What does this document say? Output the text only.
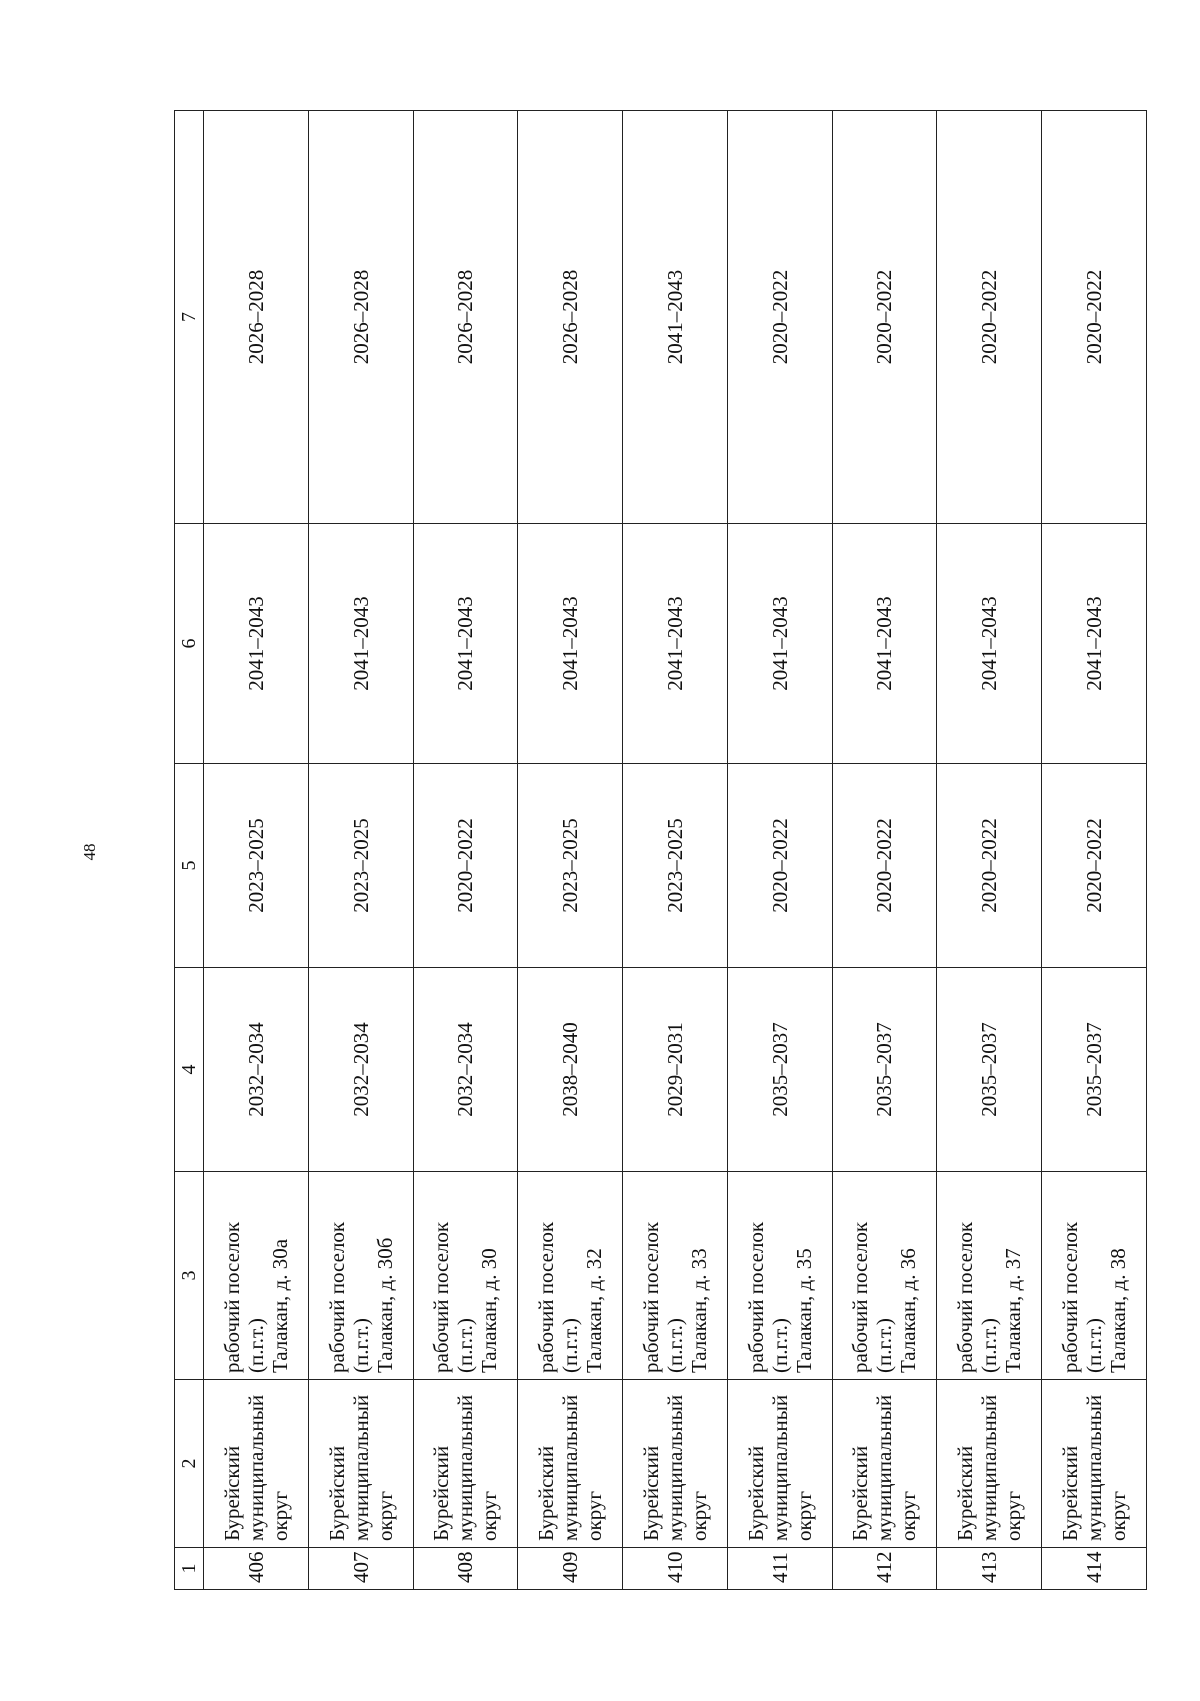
48
1	2	3	4	5	6	7
406	Бурейский муниципальный округ	рабочий поселок (п.г.т.) Талакан, д. 30а	2032–2034	2023–2025	2041–2043	2026–2028
407	Бурейский муниципальный округ	рабочий поселок (п.г.т.) Талакан, д. 30б	2032–2034	2023–2025	2041–2043	2026–2028
408	Бурейский муниципальный округ	рабочий поселок (п.г.т.) Талакан, д. 30	2032–2034	2020–2022	2041–2043	2026–2028
409	Бурейский муниципальный округ	рабочий поселок (п.г.т.) Талакан, д. 32	2038–2040	2023–2025	2041–2043	2026–2028
410	Бурейский муниципальный округ	рабочий поселок (п.г.т.) Талакан, д. 33	2029–2031	2023–2025	2041–2043	2041–2043
411	Бурейский муниципальный округ	рабочий поселок (п.г.т.) Талакан, д. 35	2035–2037	2020–2022	2041–2043	2020–2022
412	Бурейский муниципальный округ	рабочий поселок (п.г.т.) Талакан, д. 36	2035–2037	2020–2022	2041–2043	2020–2022
413	Бурейский муниципальный округ	рабочий поселок (п.г.т.) Талакан, д. 37	2035–2037	2020–2022	2041–2043	2020–2022
414	Бурейский муниципальный округ	рабочий поселок (п.г.т.) Талакан, д. 38	2035–2037	2020–2022	2041–2043	2020–2022
